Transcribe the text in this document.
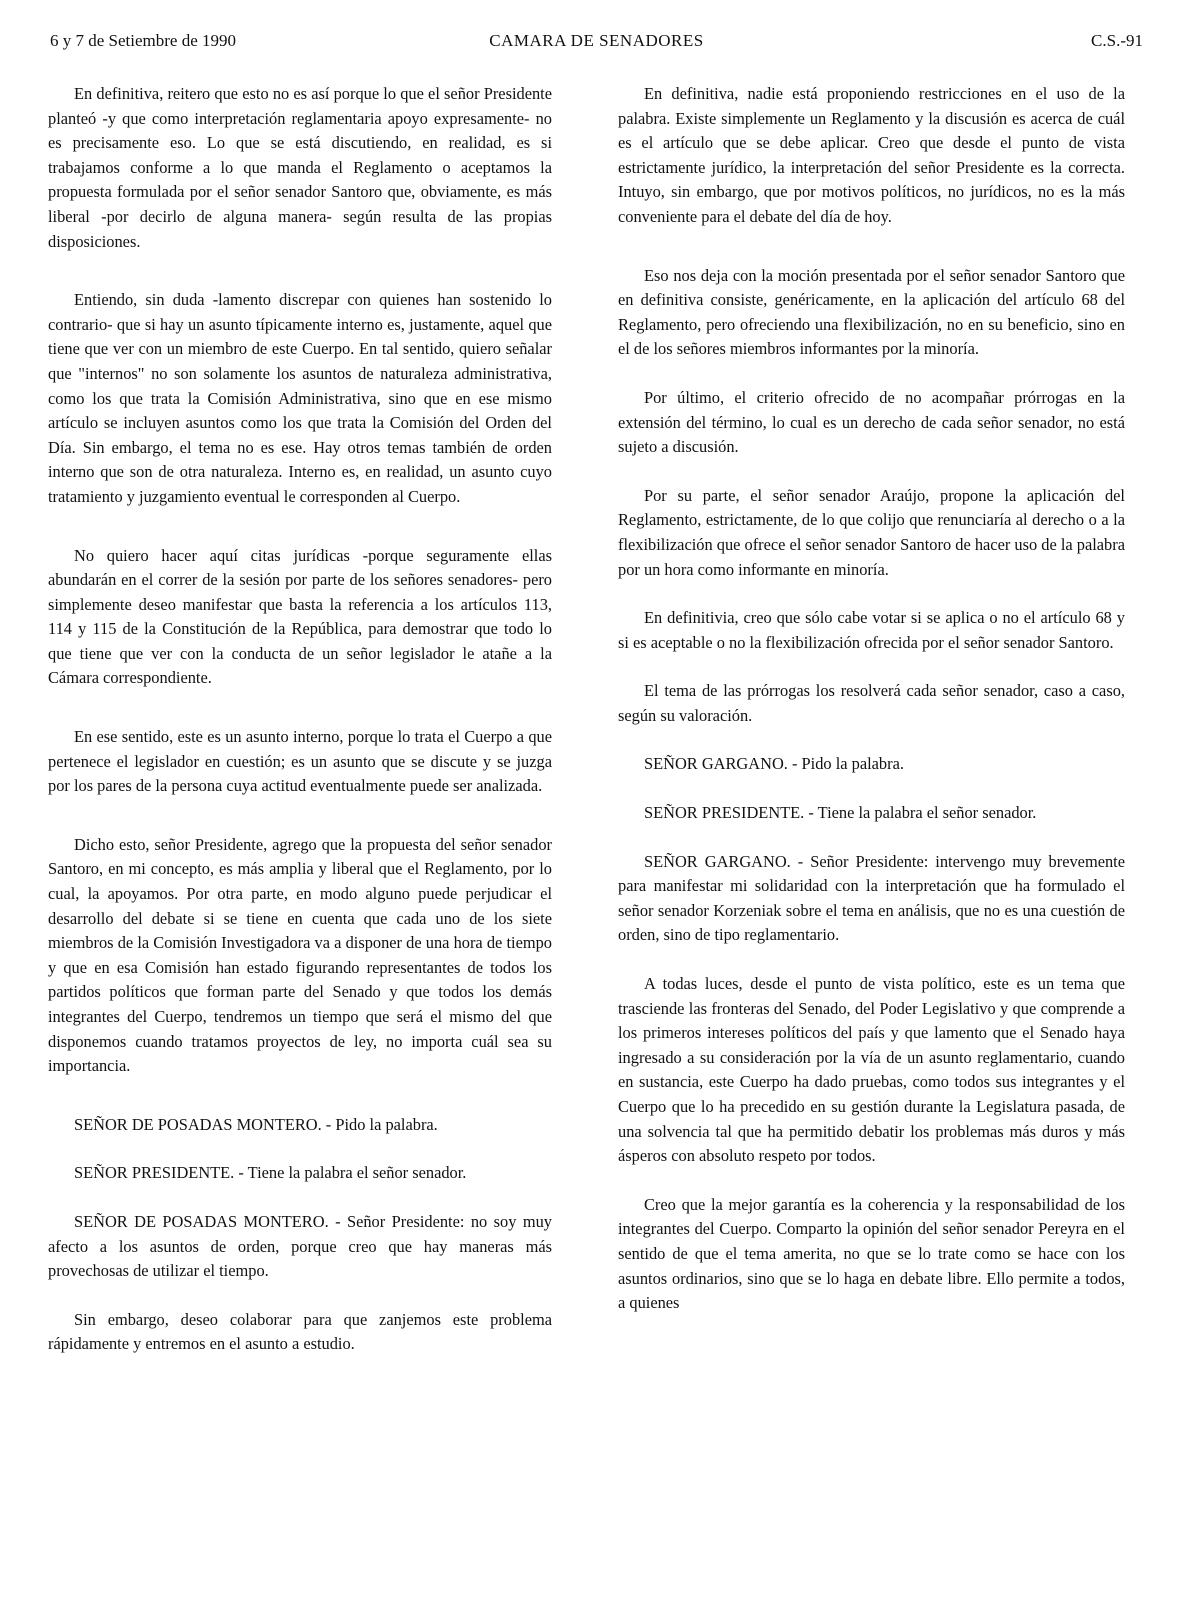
6 y 7 de Setiembre de 1990	CAMARA DE SENADORES	C.S.-91

En definitiva, reitero que esto no es así porque lo que el señor Presidente planteó -y que como interpretación reglamentaria apoyo expresamente- no es precisamente eso. Lo que se está discutiendo, en realidad, es si trabajamos conforme a lo que manda el Reglamento o aceptamos la propuesta formulada por el señor senador Santoro que, obviamente, es más liberal -por decirlo de alguna manera- según resulta de las propias disposiciones.

Entiendo, sin duda -lamento discrepar con quienes han sostenido lo contrario- que si hay un asunto típicamente interno es, justamente, aquel que tiene que ver con un miembro de este Cuerpo. En tal sentido, quiero señalar que "internos" no son solamente los asuntos de naturaleza administrativa, como los que trata la Comisión Administrativa, sino que en ese mismo artículo se incluyen asuntos como los que trata la Comisión del Orden del Día. Sin embargo, el tema no es ese. Hay otros temas también de orden interno que son de otra naturaleza. Interno es, en realidad, un asunto cuyo tratamiento y juzgamiento eventual le corresponden al Cuerpo.

No quiero hacer aquí citas jurídicas -porque seguramente ellas abundarán en el correr de la sesión por parte de los señores senadores- pero simplemente deseo manifestar que basta la referencia a los artículos 113, 114 y 115 de la Constitución de la República, para demostrar que todo lo que tiene que ver con la conducta de un señor legislador le atañe a la Cámara correspondiente.

En ese sentido, este es un asunto interno, porque lo trata el Cuerpo a que pertenece el legislador en cuestión; es un asunto que se discute y se juzga por los pares de la persona cuya actitud eventualmente puede ser analizada.

Dicho esto, señor Presidente, agrego que la propuesta del señor senador Santoro, en mi concepto, es más amplia y liberal que el Reglamento, por lo cual, la apoyamos. Por otra parte, en modo alguno puede perjudicar el desarrollo del debate si se tiene en cuenta que cada uno de los siete miembros de la Comisión Investigadora va a disponer de una hora de tiempo y que en esa Comisión han estado figurando representantes de todos los partidos políticos que forman parte del Senado y que todos los demás integrantes del Cuerpo, tendremos un tiempo que será el mismo del que disponemos cuando tratamos proyectos de ley, no importa cuál sea su importancia.

SEÑOR DE POSADAS MONTERO. - Pido la palabra.

SEÑOR PRESIDENTE. - Tiene la palabra el señor senador.

SEÑOR DE POSADAS MONTERO. - Señor Presidente: no soy muy afecto a los asuntos de orden, porque creo que hay maneras más provechosas de utilizar el tiempo.

Sin embargo, deseo colaborar para que zanjemos este problema rápidamente y entremos en el asunto a estudio.

En definitiva, nadie está proponiendo restricciones en el uso de la palabra. Existe simplemente un Reglamento y la discusión es acerca de cuál es el artículo que se debe aplicar. Creo que desde el punto de vista estrictamente jurídico, la interpretación del señor Presidente es la correcta. Intuyo, sin embargo, que por motivos políticos, no jurídicos, no es la más conveniente para el debate del día de hoy.

Eso nos deja con la moción presentada por el señor senador Santoro que en definitiva consiste, genéricamente, en la aplicación del artículo 68 del Reglamento, pero ofreciendo una flexibilización, no en su beneficio, sino en el de los señores miembros informantes por la minoría.

Por último, el criterio ofrecido de no acompañar prórrogas en la extensión del término, lo cual es un derecho de cada señor senador, no está sujeto a discusión.

Por su parte, el señor senador Araújo, propone la aplicación del Reglamento, estrictamente, de lo que colijo que renunciaría al derecho o a la flexibilización que ofrece el señor senador Santoro de hacer uso de la palabra por un hora como informante en minoría.

En definitivia, creo que sólo cabe votar si se aplica o no el artículo 68 y si es aceptable o no la flexibilización ofrecida por el señor senador Santoro.

El tema de las prórrogas los resolverá cada señor senador, caso a caso, según su valoración.

SEÑOR GARGANO. - Pido la palabra.

SEÑOR PRESIDENTE. - Tiene la palabra el señor senador.

SEÑOR GARGANO. - Señor Presidente: intervengo muy brevemente para manifestar mi solidaridad con la interpretación que ha formulado el señor senador Korzeniak sobre el tema en análisis, que no es una cuestión de orden, sino de tipo reglamentario.

A todas luces, desde el punto de vista político, este es un tema que trasciende las fronteras del Senado, del Poder Legislativo y que comprende a los primeros intereses políticos del país y que lamento que el Senado haya ingresado a su consideración por la vía de un asunto reglamentario, cuando en sustancia, este Cuerpo ha dado pruebas, como todos sus integrantes y el Cuerpo que lo ha precedido en su gestión durante la Legislatura pasada, de una solvencia tal que ha permitido debatir los problemas más duros y más ásperos con absoluto respeto por todos.

Creo que la mejor garantía es la coherencia y la responsabilidad de los integrantes del Cuerpo. Comparto la opinión del señor senador Pereyra en el sentido de que el tema amerita, no que se lo trate como se hace con los asuntos ordinarios, sino que se lo haga en debate libre. Ello permite a todos, a quienes
